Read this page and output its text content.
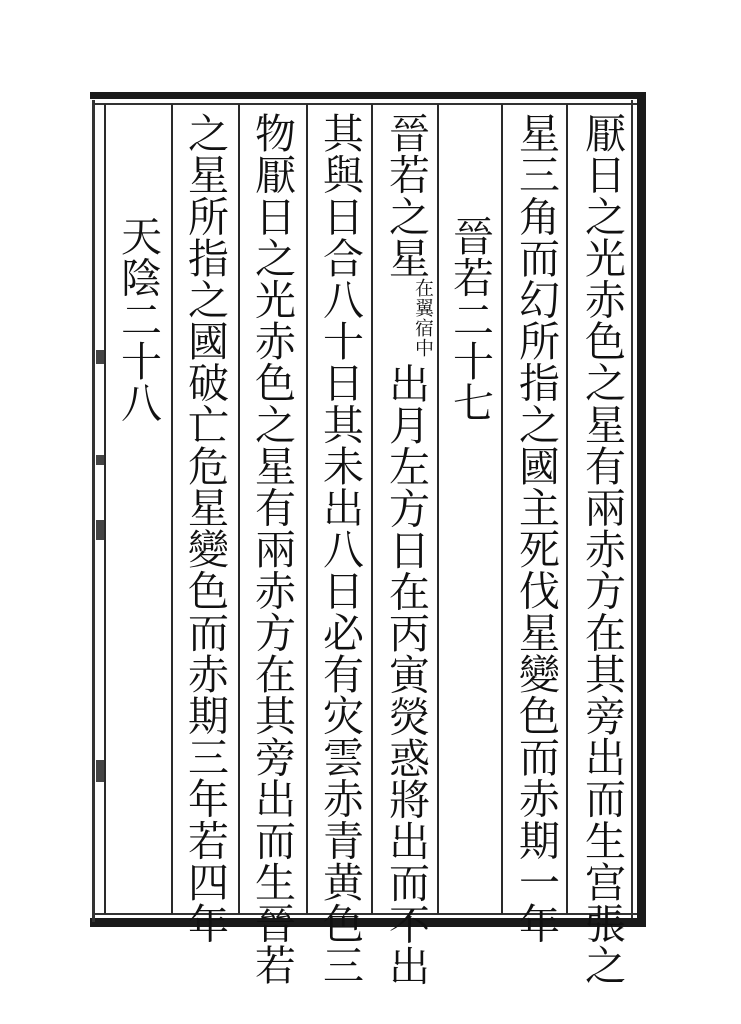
厭日之光赤色之星有兩赤方在其旁出而生宫張之
星三角而幻所指之國主死伐星變色而赤期一年
晉若二十七
晉若之星在翼宿中出月左方日在丙寅熒惑將出而不出
其與日合八十日其未出八日必有灾雲赤青黄色三
物厭日之光赤色之星有兩赤方在其旁出而生晉若
之星所指之國破亡危星變色而赤期三年若四年
天陰二十八
